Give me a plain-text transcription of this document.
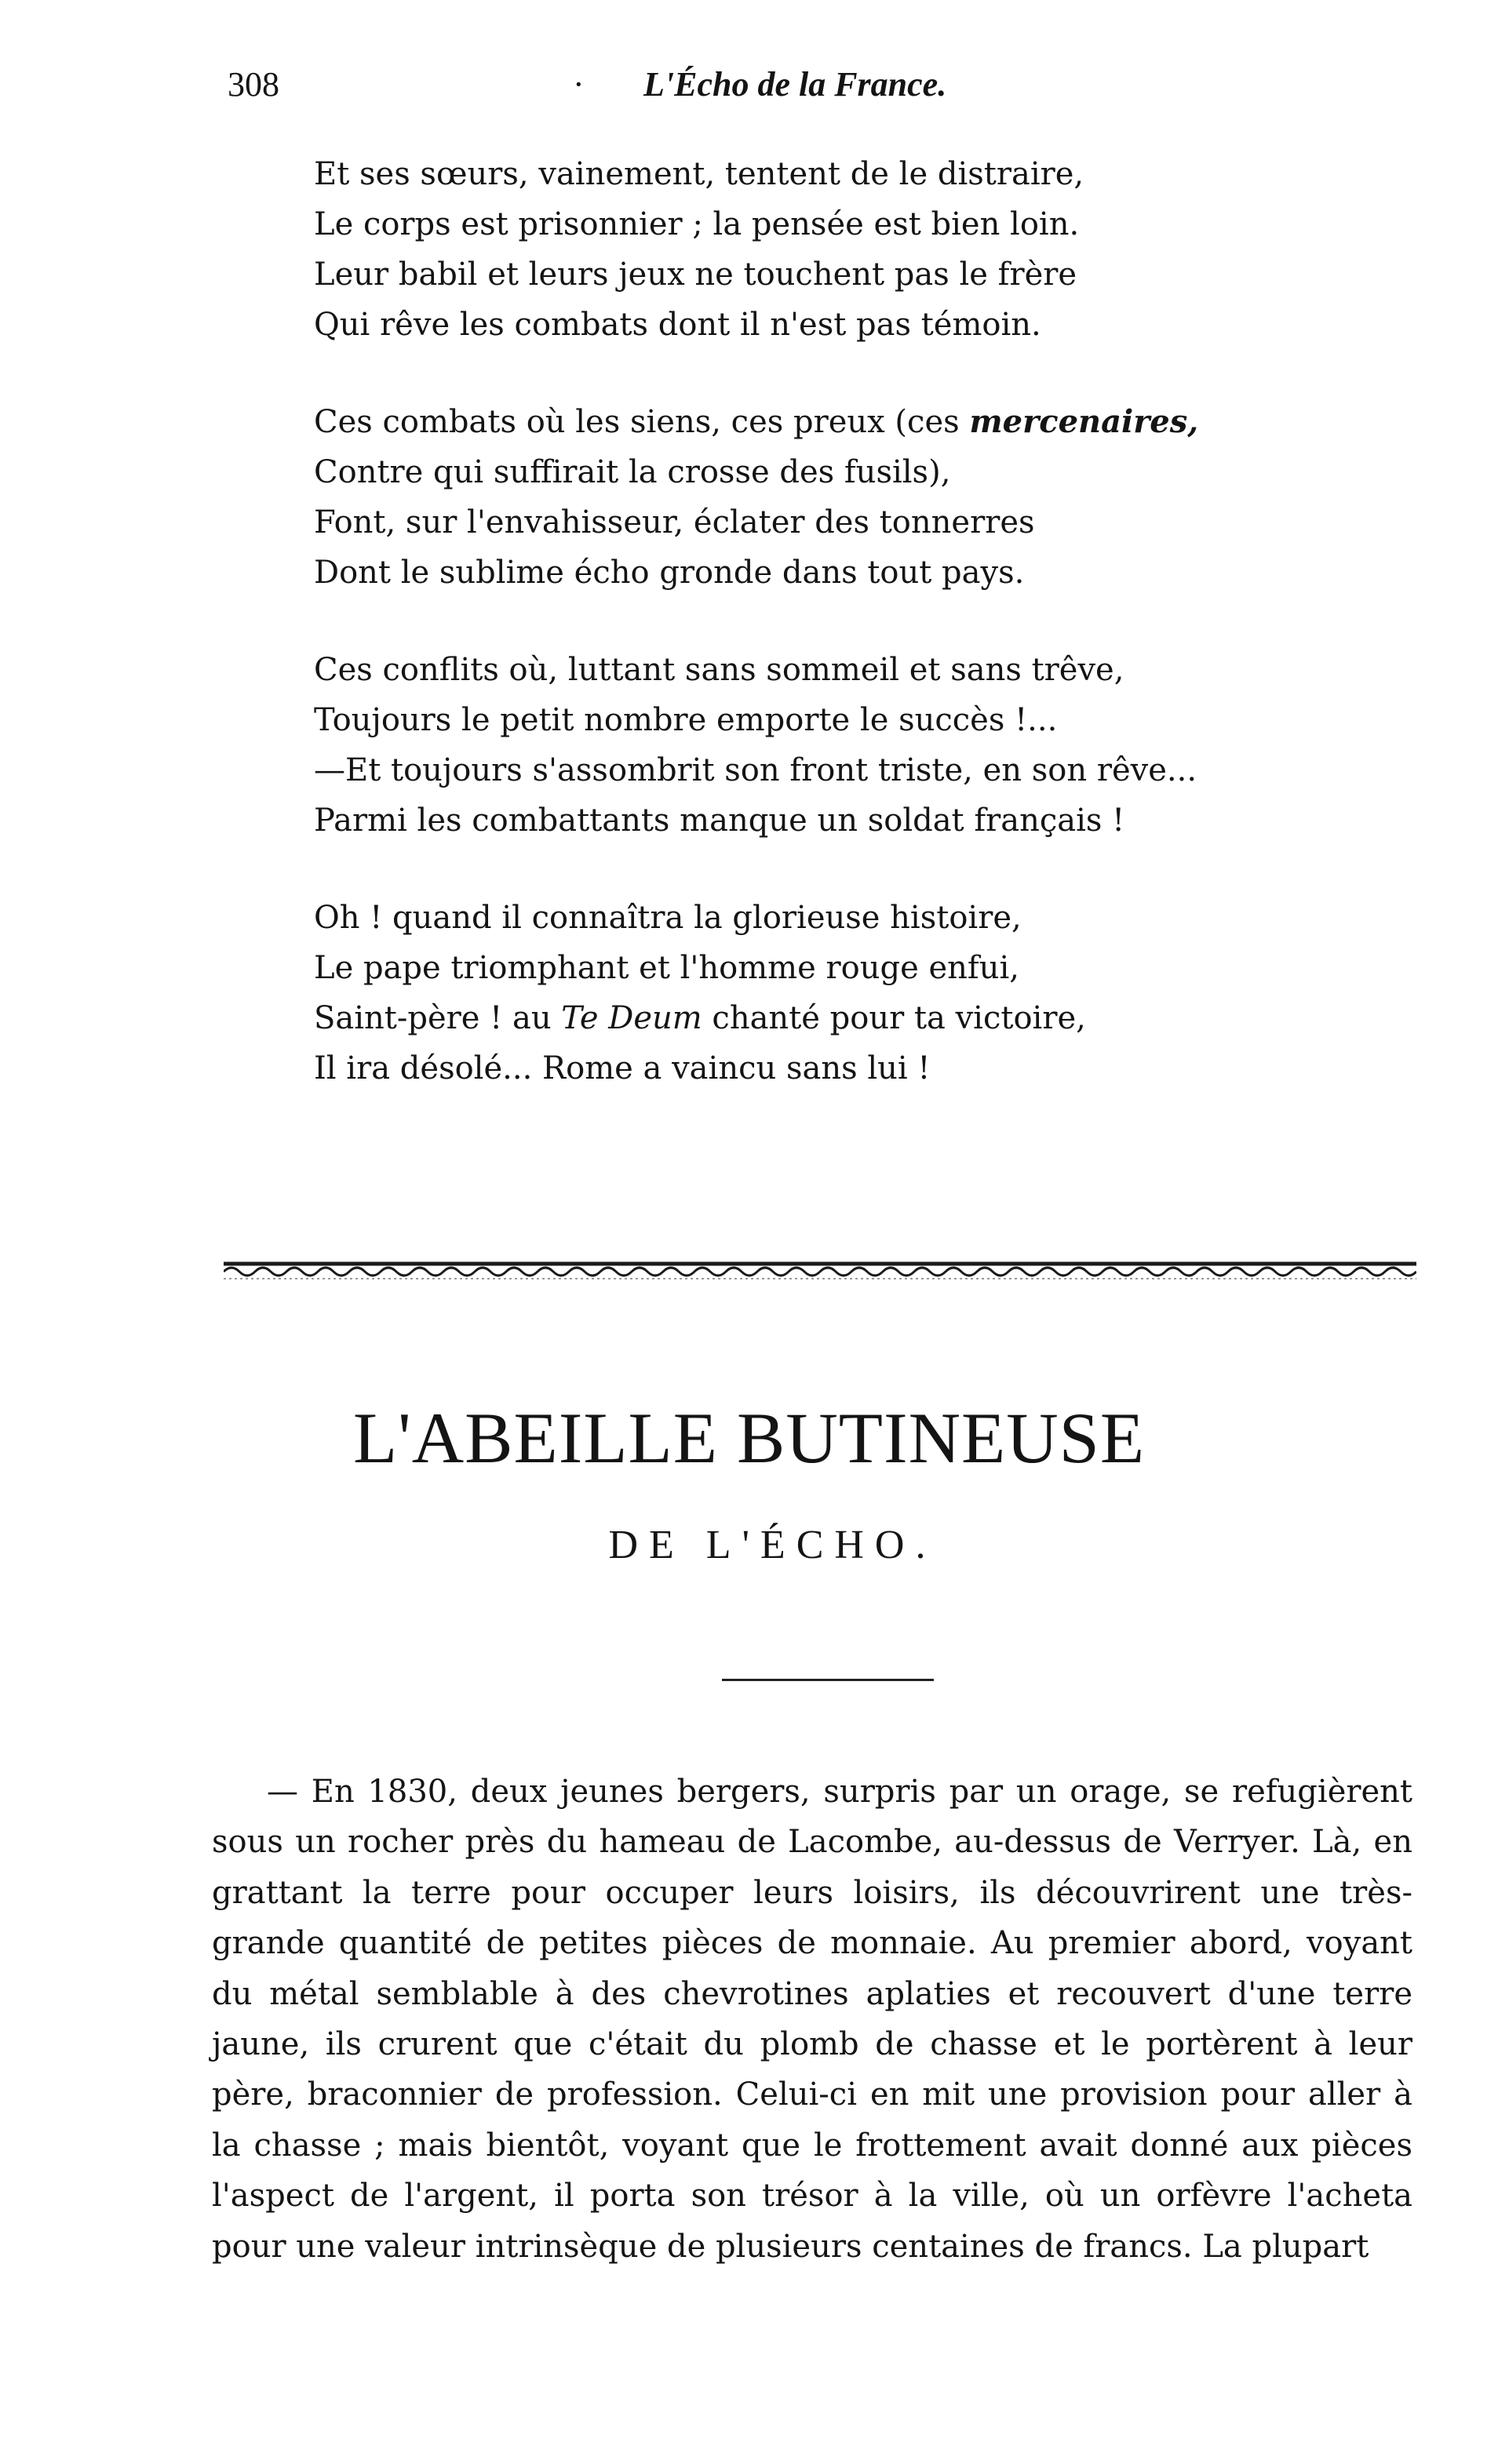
308	· L'Écho de la France.
Et ses sœurs, vainement, tentent de le distraire,
Le corps est prisonnier ; la pensée est bien loin.
Leur babil et leurs jeux ne touchent pas le frère
Qui rêve les combats dont il n'est pas témoin.
Ces combats où les siens, ces preux (ces mercenaires,
Contre qui suffirait la crosse des fusils),
Font, sur l'envahisseur, éclater des tonnerres
Dont le sublime écho gronde dans tout pays.
Ces conflits où, luttant sans sommeil et sans trêve,
Toujours le petit nombre emporte le succès !...
—Et toujours s'assombrit son front triste, en son rêve...
Parmi les combattants manque un soldat français !
Oh ! quand il connaîtra la glorieuse histoire,
Le pape triomphant et l'homme rouge enfui,
Saint-père ! au Te Deum chanté pour ta victoire,
Il ira désolé... Rome a vaincu sans lui !
L'ABEILLE BUTINEUSE
DE L'ÉCHO.

— En 1830, deux jeunes bergers, surpris par un orage, se refugièrent sous un rocher près du hameau de Lacombe, au-dessus de Verryer. Là, en grattant la terre pour occuper leurs loisirs, ils découvrirent une très-grande quantité de petites pièces de monnaie. Au premier abord, voyant du métal semblable à des chevrotines aplaties et recouvert d'une terre jaune, ils crurent que c'était du plomb de chasse et le portèrent à leur père, braconnier de profession. Celui-ci en mit une provision pour aller à la chasse ; mais bientôt, voyant que le frottement avait donné aux pièces l'aspect de l'argent, il porta son trésor à la ville, où un orfèvre l'acheta pour une valeur intrinsèque de plusieurs centaines de francs. La plupart
